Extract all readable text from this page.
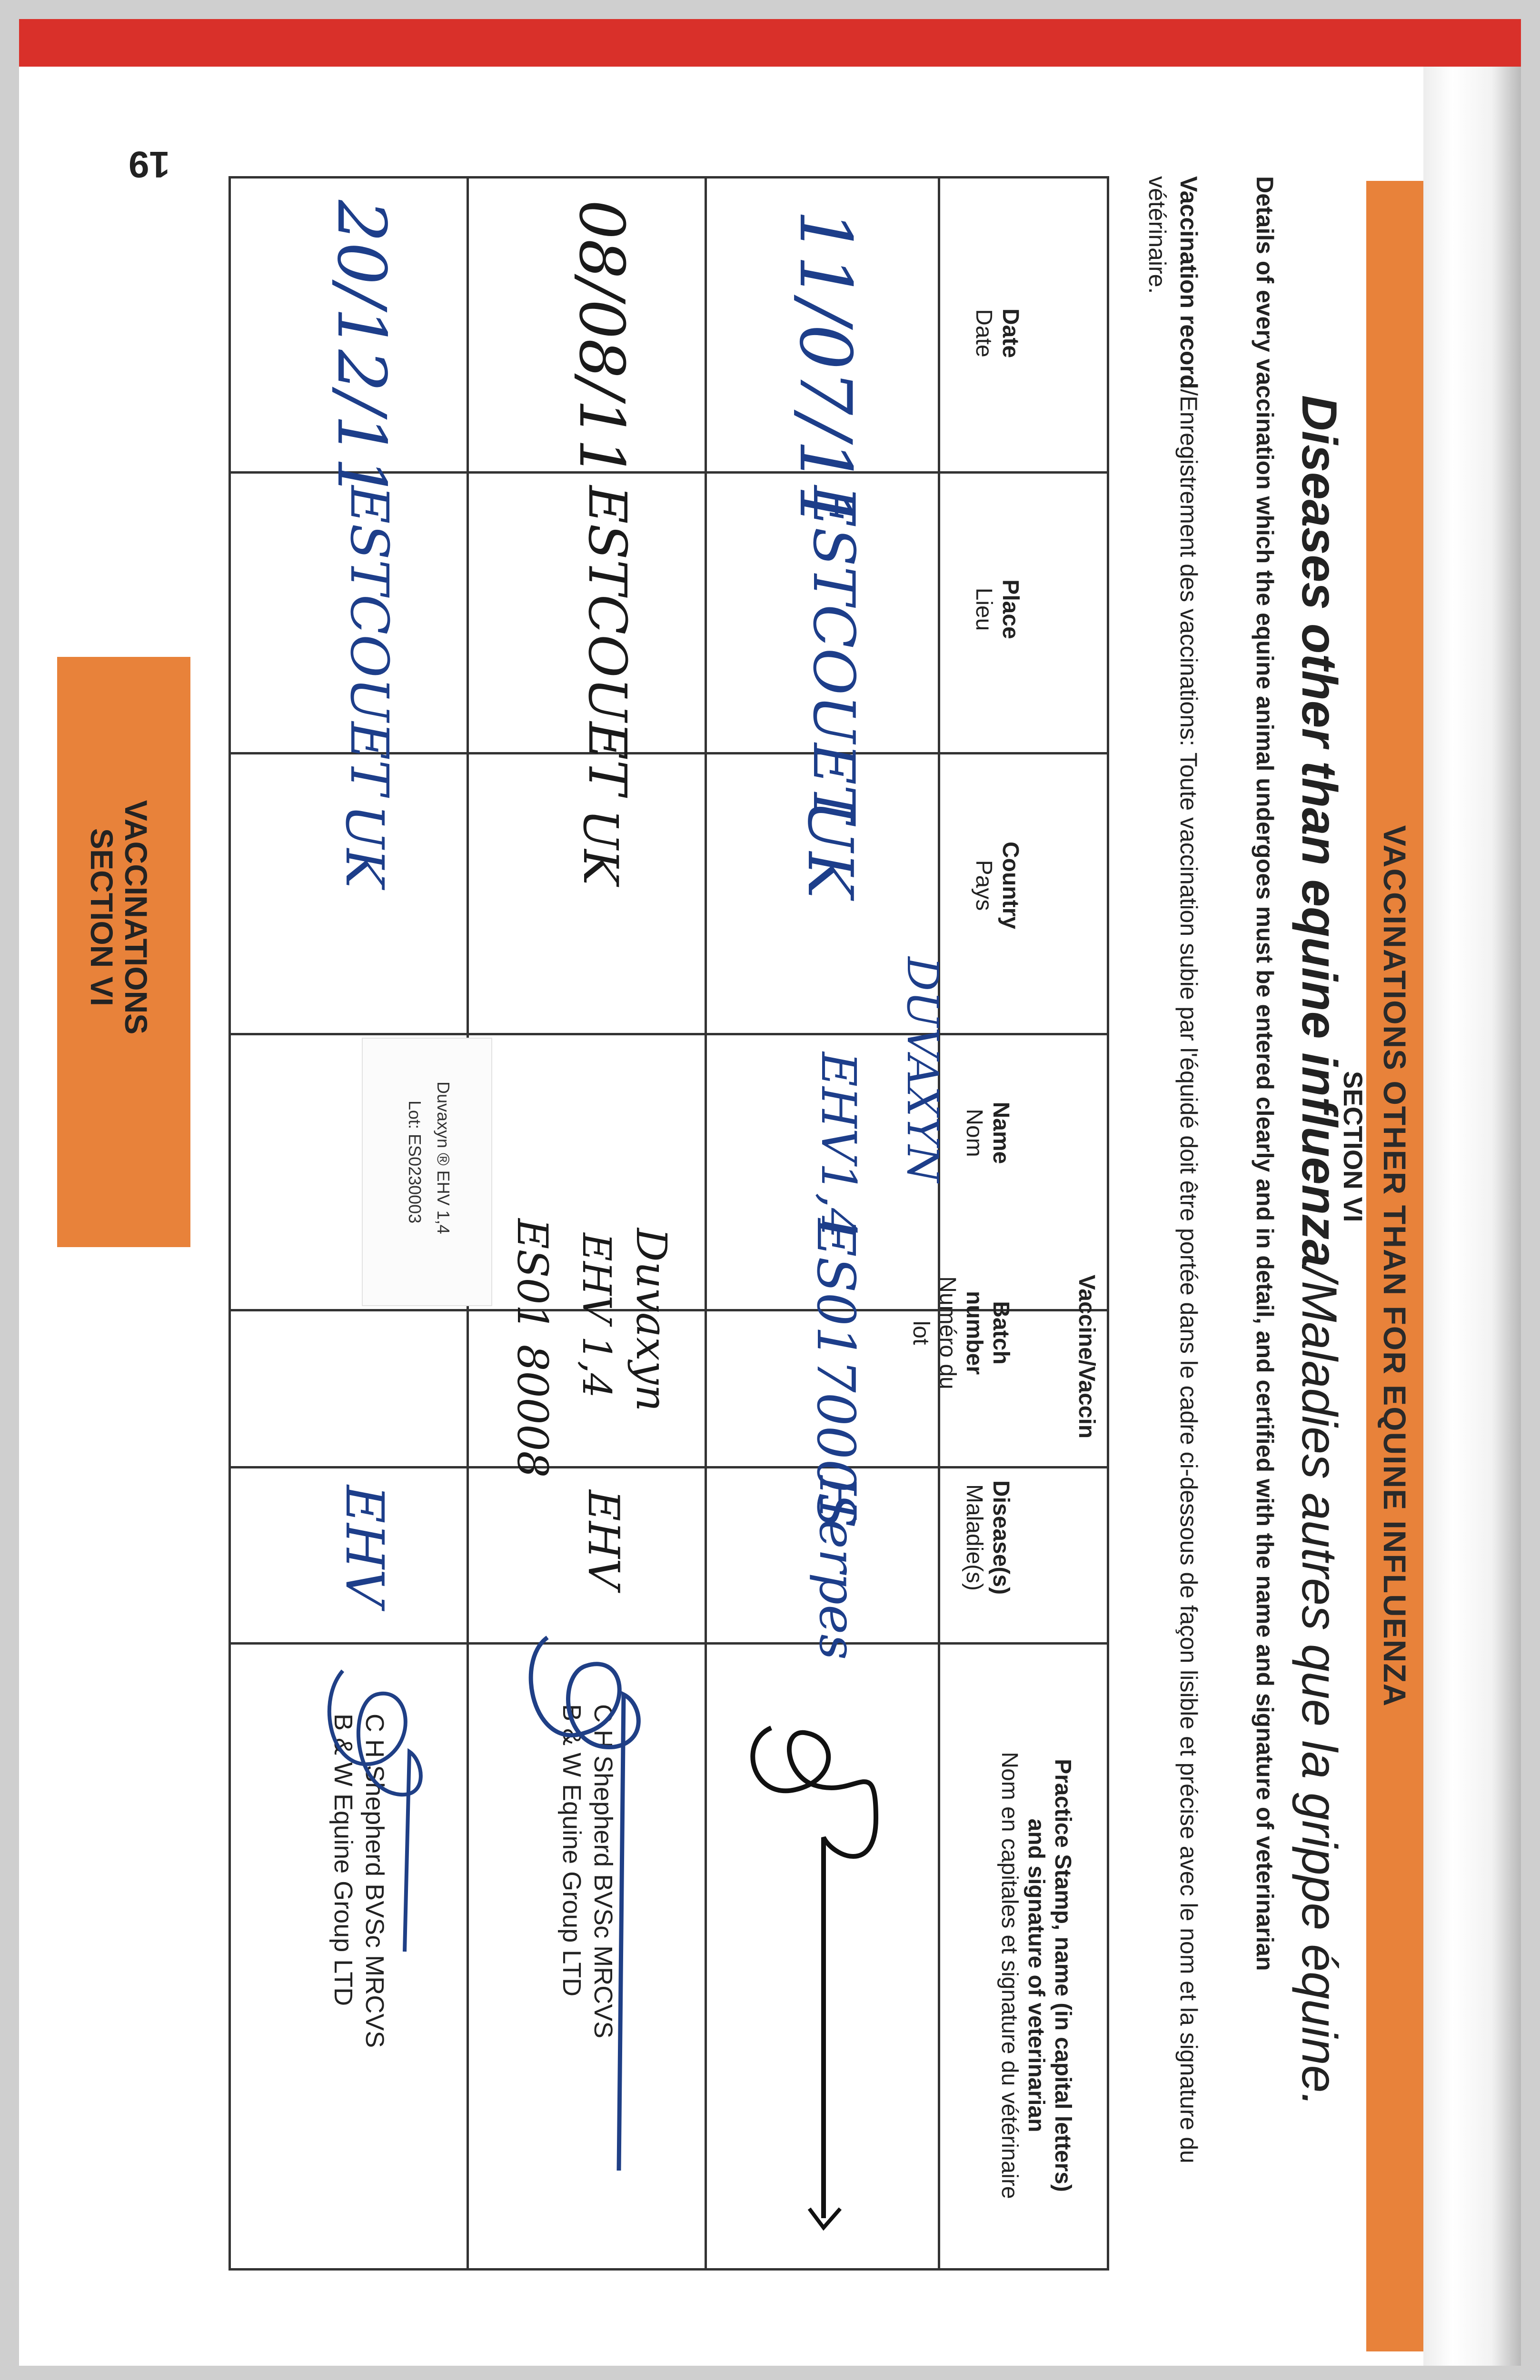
19
VACCINATIONS
SECTION VI	VACCINATIONS OTHER THAN FOR EQUINE INFLUENZA
SECTION VI
Diseases other than equine influenza/Maladies autres que la grippe équine.
Details of every vaccination which the equine animal undergoes must be entered clearly and in detail, and certified with the name and signature of veterinarian
Vaccination record/Enregistrement des vaccinations: Toute vaccination subie par l'équidé doit être portée dans le cadre ci-dessous de façon lisible et précise avec le nom et la signature du vétérinaire.
Date
Date
Place
Lieu
Country
Pays
Vaccine/Vaccin
Name
Nom
Batch number
Numéro du lot
Disease(s)
Maladie(s)
Practice Stamp, name (in capital letters)
and signature of veterinarian
Nom en capitales et signature du vétérinaire
11/07/11
ESTCOUET
UK
DUVAXYN
EHV1,4
ES017000S
Herpes
08/08/11
ESTCOUET
UK
Duvaxyn
EHV 1,4
ES01 80008
EHV
C H Shepherd BVSc MRCVS
B & W Equine Group LTD
Duvaxyn ® EHV 1,4
Lot: ES0230003
20/12/11
ESTCOUET
UK
EHV
C H Shepherd BVSc MRCVS
B & W Equine Group LTD
